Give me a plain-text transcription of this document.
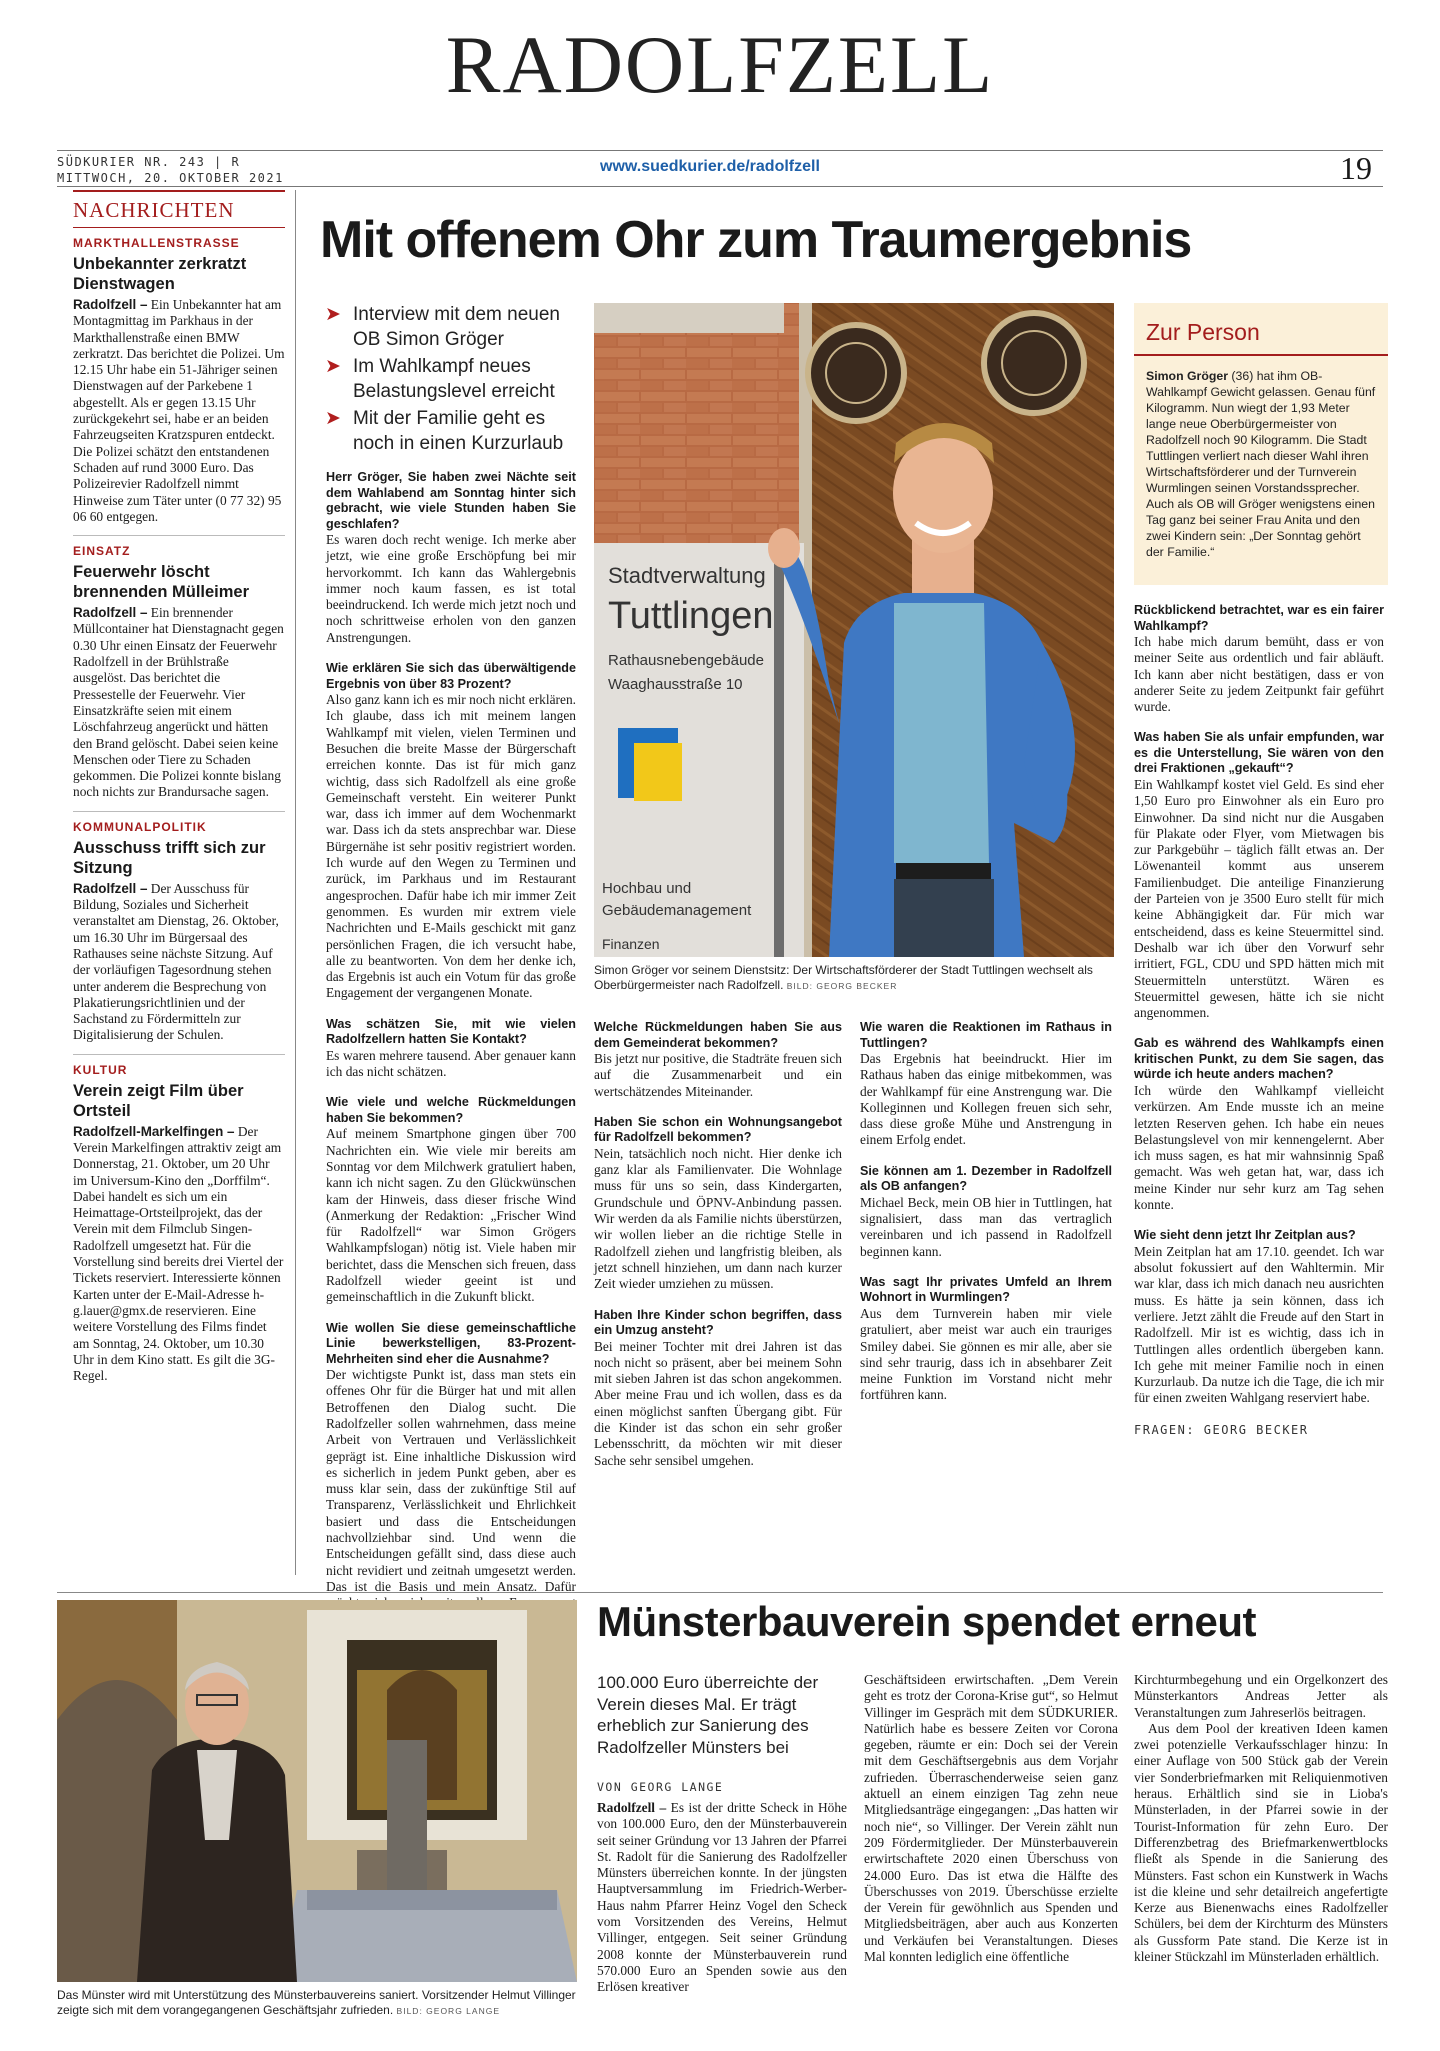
RADOLFZELL
SÜDKURIER NR. 243 | R
MITTWOCH, 20. OKTOBER 2021
www.suedkurier.de/radolfzell	19
NACHRICHTEN
MARKTHALLENSTRASSE
Unbekannter zerkratzt Dienstwagen

Radolfzell – Ein Unbekannter hat am Montagmittag im Parkhaus in der Markthallenstraße einen BMW zerkratzt. Das berichtet die Polizei. Um 12.15 Uhr habe ein 51-Jähriger seinen Dienstwagen auf der Parkebene 1 abgestellt. Als er gegen 13.15 Uhr zurückgekehrt sei, habe er an beiden Fahrzeugseiten Kratzspuren entdeckt. Die Polizei schätzt den entstandenen Schaden auf rund 3000 Euro. Das Polizeirevier Radolfzell nimmt Hinweise zum Täter unter (0 77 32) 95 06 60 entgegen.

EINSATZ
Feuerwehr löscht brennenden Mülleimer

Radolfzell – Ein brennender Müllcontainer hat Dienstagnacht gegen 0.30 Uhr einen Einsatz der Feuerwehr Radolfzell in der Brühlstraße ausgelöst. Das berichtet die Pressestelle der Feuerwehr. Vier Einsatzkräfte seien mit einem Löschfahrzeug angerückt und hätten den Brand gelöscht. Dabei seien keine Menschen oder Tiere zu Schaden gekommen. Die Polizei konnte bislang noch nichts zur Brandursache sagen.

KOMMUNALPOLITIK
Ausschuss trifft sich zur Sitzung

Radolfzell – Der Ausschuss für Bildung, Soziales und Sicherheit veranstaltet am Dienstag, 26. Oktober, um 16.30 Uhr im Bürgersaal des Rathauses seine nächste Sitzung. Auf der vorläufigen Tagesordnung stehen unter anderem die Besprechung von Plakatierungsrichtlinien und der Sachstand zu Fördermitteln zur Digitalisierung der Schulen.

KULTUR
Verein zeigt Film über Ortsteil

Radolfzell-Markelfingen – Der Verein Markelfingen attraktiv zeigt am Donnerstag, 21. Oktober, um 20 Uhr im Universum-Kino den „Dorffilm“. Dabei handelt es sich um ein Heimattage-Ortsteilprojekt, das der Verein mit dem Filmclub Singen-Radolfzell umgesetzt hat. Für die Vorstellung sind bereits drei Viertel der Tickets reserviert. Interessierte können Karten unter der E-Mail-Adresse h-g.lauer@gmx.de reservieren. Eine weitere Vorstellung des Films findet am Sonntag, 24. Oktober, um 10.30 Uhr in dem Kino statt. Es gilt die 3G-Regel.

Mit offenem Ohr zum Traumergebnis
➤ Interview mit dem neuen OB Simon Gröger
➤ Im Wahlkampf neues Belastungslevel erreicht
➤ Mit der Familie geht es noch in einen Kurzurlaub
Stadtverwaltung
Tuttlingen
Rathausnebengebäude
Waaghausstraße 10
Hochbau und
Gebäudemanagement
Finanzen
Simon Gröger vor seinem Dienstsitz: Der Wirtschaftsförderer der Stadt Tuttlingen wechselt als Oberbürgermeister nach Radolfzell. BILD: GEORG BECKER
Zur Person

Simon Gröger (36) hat ihm OB-Wahlkampf Gewicht gelassen. Genau fünf Kilogramm. Nun wiegt der 1,93 Meter lange neue Oberbürgermeister von Radolfzell noch 90 Kilogramm. Die Stadt Tuttlingen verliert nach dieser Wahl ihren Wirtschaftsförderer und der Turnverein Wurmlingen seinen Vorstandssprecher. Auch als OB will Gröger wenigstens einen Tag ganz bei seiner Frau Anita und den zwei Kindern sein: „Der Sonntag gehört der Familie.“

Herr Gröger, Sie haben zwei Nächte seit dem Wahlabend am Sonntag hinter sich gebracht, wie viele Stunden haben Sie geschlafen?
Es waren doch recht wenige. Ich merke aber jetzt, wie eine große Erschöpfung bei mir hervorkommt. Ich kann das Wahlergebnis immer noch kaum fassen, es ist total beeindruckend. Ich werde mich jetzt noch und noch schrittweise erholen von den ganzen Anstrengungen.

Wie erklären Sie sich das überwältigende Ergebnis von über 83 Prozent?
Also ganz kann ich es mir noch nicht erklären. Ich glaube, dass ich mit meinem langen Wahlkampf mit vielen, vielen Terminen und Besuchen die breite Masse der Bürgerschaft erreichen konnte. Das ist für mich ganz wichtig, dass sich Radolfzell als eine große Gemeinschaft versteht. Ein weiterer Punkt war, dass ich immer auf dem Wochenmarkt war. Dass ich da stets ansprechbar war. Diese Bürgernähe ist sehr positiv registriert worden. Ich wurde auf den Wegen zu Terminen und zurück, im Parkhaus und im Restaurant angesprochen. Dafür habe ich mir immer Zeit genommen. Es wurden mir extrem viele Nachrichten und E-Mails geschickt mit ganz persönlichen Fragen, die ich versucht habe, alle zu beantworten. Von dem her denke ich, das Ergebnis ist auch ein Votum für das große Engagement der vergangenen Monate.

Was schätzen Sie, mit wie vielen Radolfzellern hatten Sie Kontakt?
Es waren mehrere tausend. Aber genauer kann ich das nicht schätzen.

Wie viele und welche Rückmeldungen haben Sie bekommen?
Auf meinem Smartphone gingen über 700 Nachrichten ein. Wie viele mir bereits am Sonntag vor dem Milchwerk gratuliert haben, kann ich nicht sagen. Zu den Glückwünschen kam der Hinweis, dass dieser frische Wind (Anmerkung der Redaktion: „Frischer Wind für Radolfzell“ war Simon Grögers Wahlkampfslogan) nötig ist. Viele haben mir berichtet, dass die Menschen sich freuen, dass Radolfzell wieder geeint ist und gemeinschaftlich in die Zukunft blickt.

Wie wollen Sie diese gemeinschaftliche Linie bewerkstelligen, 83-Prozent-Mehrheiten sind eher die Ausnahme?
Der wichtigste Punkt ist, dass man stets ein offenes Ohr für die Bürger hat und mit allen Betroffenen den Dialog sucht. Die Radolfzeller sollen wahrnehmen, dass meine Arbeit von Vertrauen und Verlässlichkeit geprägt ist. Eine inhaltliche Diskussion wird es sicherlich in jedem Punkt geben, aber es muss klar sein, dass der zukünftige Stil auf Transparenz, Verlässlichkeit und Ehrlichkeit basiert und dass die Entscheidungen nachvollziehbar sind. Und wenn die Entscheidungen gefällt sind, dass diese auch nicht revidiert und zeitnah umgesetzt werden. Das ist die Basis und mein Ansatz. Dafür

Welche Rückmeldungen haben Sie aus dem Gemeinderat bekommen?
Bis jetzt nur positive, die Stadträte freuen sich auf die Zusammenarbeit und ein wertschätzendes Miteinander.

Haben Sie schon ein Wohnungsangebot für Radolfzell bekommen?
Nein, tatsächlich noch nicht. Hier denke ich ganz klar als Familienvater. Die Wohnlage muss für uns so sein, dass Kindergarten, Grundschule und ÖPNV-Anbindung passen. Wir werden da als Familie nichts überstürzen, wir wollen lieber an die richtige Stelle in Radolfzell ziehen und langfristig bleiben, als jetzt schnell hinziehen, um dann nach kurzer Zeit wieder umziehen zu müssen.

Haben Ihre Kinder schon begriffen, dass ein Umzug ansteht?
Bei meiner Tochter mit drei Jahren ist das noch nicht so präsent, aber bei meinem Sohn mit sieben Jahren ist das schon angekommen. Aber meine Frau und ich wollen, dass es da einen möglichst sanften Übergang gibt. Für die Kinder ist das schon ein sehr großer Lebensschritt, da möchten wir mit dieser Sache sehr sensibel umgehen.

Wie waren die Reaktionen im Rathaus in Tuttlingen?
Das Ergebnis hat beeindruckt. Hier im Rathaus haben das einige mitbekommen, was der Wahlkampf für eine Anstrengung war. Die Kolleginnen und Kollegen freuen sich sehr, dass diese große Mühe und Anstrengung in einem Erfolg endet.

Sie können am 1. Dezember in Radolfzell als OB anfangen?
Michael Beck, mein OB hier in Tuttlingen, hat signalisiert, dass man das vertraglich vereinbaren und ich passend in Radolfzell beginnen kann.

Was sagt Ihr privates Umfeld an Ihrem Wohnort in Wurmlingen?
Aus dem Turnverein haben mir viele gratuliert, aber meist war auch ein trauriges Smiley dabei. Sie gönnen es mir alle, aber sie sind sehr traurig, dass ich in absehbarer Zeit meine Funktion im Vorstand nicht mehr fortführen kann.

Rückblickend betrachtet, war es ein fairer Wahlkampf?
Ich habe mich darum bemüht, dass er von meiner Seite aus ordentlich und fair abläuft. Ich kann aber nicht bestätigen, dass er von anderer Seite zu jedem Zeitpunkt fair geführt wurde.

Was haben Sie als unfair empfunden, war es die Unterstellung, Sie wären von den drei Fraktionen „gekauft“?
Ein Wahlkampf kostet viel Geld. Es sind eher 1,50 Euro pro Einwohner als ein Euro pro Einwohner. Da sind nicht nur die Ausgaben für Plakate oder Flyer, vom Mietwagen bis zur Parkgebühr – täglich fällt etwas an. Der Löwenanteil kommt aus unserem Familienbudget. Die anteilige Finanzierung der Parteien von je 3500 Euro stellt für mich keine Abhängigkeit dar. Für mich war entscheidend, dass es keine Steuermittel sind. Deshalb war ich über den Vorwurf sehr irritiert, FGL, CDU und SPD hätten mich mit Steuermitteln unterstützt. Wären es Steuermittel gewesen, hätte ich sie nicht angenommen.

Gab es während des Wahlkampfs einen kritischen Punkt, zu dem Sie sagen, das würde ich heute anders machen?
Ich würde den Wahlkampf vielleicht verkürzen. Am Ende musste ich an meine letzten Reserven gehen. Ich habe ein neues Belastungslevel von mir kennengelernt. Aber ich muss sagen, es hat mir wahnsinnig Spaß gemacht. Was weh getan hat, war, dass ich meine Kinder nur sehr kurz am Tag sehen konnte.

Wie sieht denn jetzt Ihr Zeitplan aus?
Mein Zeitplan hat am 17.10. geendet. Ich war absolut fokussiert auf den Wahltermin. Mir war klar, dass ich mich danach neu ausrichten muss. Es hätte ja sein können, dass ich verliere. Jetzt zählt die Freude auf den Start in Radolfzell. Mir ist es wichtig, dass ich in Tuttlingen alles ordentlich übergeben kann. Ich gehe mit meiner Familie noch in einen Kurzurlaub. Da nutze ich die Tage, die ich mir für einen zweiten Wahlgang reserviert habe.

FRAGEN: GEORG BECKER
Das Münster wird mit Unterstützung des Münsterbauvereins saniert. Vorsitzender Helmut Villinger zeigte sich mit dem vorangegangenen Geschäftsjahr zufrieden. BILD: GEORG LANGE
Münsterbauverein spendet erneut
100.000 Euro überreichte der Verein dieses Mal. Er trägt erheblich zur Sanierung des Radolfzeller Münsters bei
VON GEORG LANGE

Radolfzell – Es ist der dritte Scheck in Höhe von 100.000 Euro, den der Münsterbauverein seit seiner Gründung vor 13 Jahren der Pfarrei St. Radolt für die Sanierung des Radolfzeller Münsters überreichen konnte. In der jüngsten Hauptversammlung im Friedrich-Werber-Haus nahm Pfarrer Heinz Vogel den Scheck vom Vorsitzenden des Vereins, Helmut Villinger, entgegen. Seit seiner Gründung 2008 konnte der Münsterbauverein rund 570.000 Euro an Spenden sowie aus den Erlösen kreativer

Geschäftsideen erwirtschaften. „Dem Verein geht es trotz der Corona-Krise gut“, so Helmut Villinger im Gespräch mit dem SÜDKURIER. Natürlich habe es bessere Zeiten vor Corona gegeben, räumte er ein: Doch sei der Verein mit dem Geschäftsergebnis aus dem Vorjahr zufrieden. Überraschenderweise seien ganz aktuell an einem einzigen Tag zehn neue Mitgliedsanträge eingegangen: „Das hatten wir noch nie“, so Villinger. Der Verein zählt nun 209 Fördermitglieder. Der Münsterbauverein erwirtschaftete 2020 einen Überschuss von 24.000 Euro. Das ist etwa die Hälfte des Überschusses von 2019. Überschüsse erzielte der Verein für gewöhnlich aus Spenden und Mitgliedsbeiträgen, aber auch aus Konzerten und Verkäufen bei Veranstaltungen. Dieses Mal konnten lediglich eine öffentliche

Kirchturmbegehung und ein Orgelkonzert des Münsterkantors Andreas Jetter als Veranstaltungen zum Jahreserlös beitragen.

Aus dem Pool der kreativen Ideen kamen zwei potenzielle Verkaufsschlager hinzu: In einer Auflage von 500 Stück gab der Verein vier Sonderbriefmarken mit Reliquienmotiven heraus. Erhältlich sind sie in Lioba's Münsterladen, in der Pfarrei sowie in der Tourist-Information für zehn Euro. Der Differenzbetrag des Briefmarkenwertblocks fließt als Spende in die Sanierung des Münsters. Fast schon ein Kunstwerk in Wachs ist die kleine und sehr detailreich angefertigte Kerze aus Bienenwachs eines Radolfzeller Schülers, bei dem der Kirchturm des Münsters als Gussform Pate stand. Die Kerze ist in kleiner Stückzahl im Münsterladen erhältlich.
